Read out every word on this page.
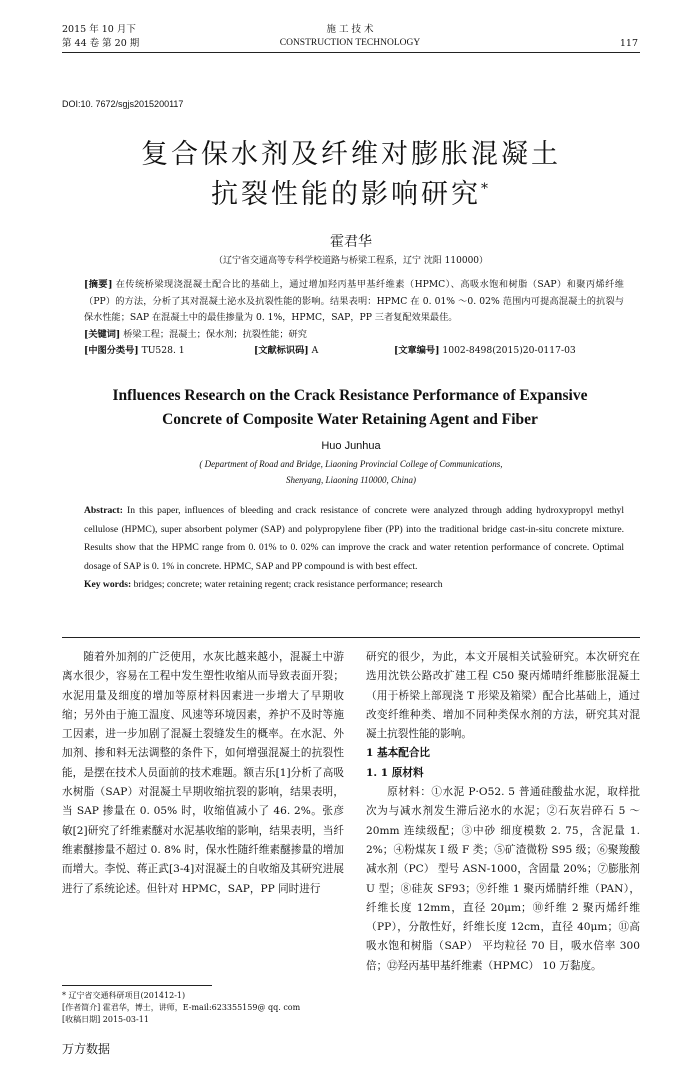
2015 年 10 月下
第 44 卷 第 20 期
施 工 技 术
CONSTRUCTION TECHNOLOGY	117
DOI:10. 7672/sgjs2015200117
复合保水剂及纤维对膨胀混凝土
抗裂性能的影响研究*
霍君华
（辽宁省交通高等专科学校道路与桥梁工程系，辽宁 沈阳 110000）
[摘要] 在传统桥梁现浇混凝土配合比的基础上，通过增加羟丙基甲基纤维素（HPMC）、高吸水饱和树脂（SAP）和聚丙烯纤维（PP）的方法，分析了其对混凝土泌水及抗裂性能的影响。结果表明：HPMC 在 0. 01% ～0. 02% 范围内可提高混凝土的抗裂与保水性能；SAP 在混凝土中的最佳掺量为 0. 1%，HPMC，SAP，PP 三者复配效果最佳。
[关键词] 桥梁工程；混凝土；保水剂；抗裂性能；研究
[中图分类号] TU528. 1	[文献标识码] A	[文章编号] 1002-8498(2015)20-0117-03
Influences Research on the Crack Resistance Performance of Expansive
Concrete of Composite Water Retaining Agent and Fiber
Huo Junhua
( Department of Road and Bridge, Liaoning Provincial College of Communications,
Shenyang, Liaoning 110000, China)
Abstract: In this paper, influences of bleeding and crack resistance of concrete were analyzed through adding hydroxypropyl methyl cellulose (HPMC), super absorbent polymer (SAP) and polypropylene fiber (PP) into the traditional bridge cast-in-situ concrete mixture. Results show that the HPMC range from 0. 01% to 0. 02% can improve the crack and water retention performance of concrete. Optimal dosage of SAP is 0. 1% in concrete. HPMC, SAP and PP compound is with best effect.
Key words: bridges; concrete; water retaining regent; crack resistance performance; research

随着外加剂的广泛使用，水灰比越来越小，混凝土中游离水很少，容易在工程中发生塑性收缩从而导致表面开裂；水泥用量及细度的增加等原材料因素进一步增大了早期收缩；另外由于施工温度、风速等环境因素，养护不及时等施工因素，进一步加剧了混凝土裂缝发生的概率。在水泥、外加剂、掺和料无法调整的条件下，如何增强混凝土的抗裂性能，是摆在技术人员面前的技术难题。额吉乐[1]分析了高吸水树脂（SAP）对混凝土早期收缩抗裂的影响，结果表明，当 SAP 掺量在 0. 05% 时，收缩值减小了 46. 2%。张彦敏[2]研究了纤维素醚对水泥基收缩的影响，结果表明，当纤维素醚掺量不超过 0. 8% 时，保水性随纤维素醚掺量的增加而增大。李悦、蒋正武[3-4]对混凝土的自收缩及其研究进展进行了系统论述。但针对 HPMC，SAP，PP 同时进行

研究的很少，为此，本文开展相关试验研究。本次研究在选用沈铁公路改扩建工程 C50 聚丙烯晴纤维膨胀混凝土（用于桥梁上部现浇 T 形梁及箱梁）配合比基础上，通过改变纤维种类、增加不同种类保水剂的方法，研究其对混凝土抗裂性能的影响。

1 基本配合比
1. 1 原材料

原材料：①水泥 P·O52. 5 普通硅酸盐水泥，取样批次为与减水剂发生滞后泌水的水泥；②石灰岩碎石 5 ～20mm 连续级配；③中砂 细度模数 2. 75，含泥量 1. 2%；④粉煤灰 I 级 F 类；⑤矿渣微粉 S95 级；⑥聚羧酸减水剂（PC） 型号 ASN-1000，含固量 20%；⑦膨胀剂 U 型；⑧硅灰 SF93；⑨纤维 1 聚丙烯腈纤维（PAN），纤维长度 12mm，直径 20μm；⑩纤维 2 聚丙烯纤维（PP），分散性好，纤维长度 12cm，直径 40μm；⑪高吸水饱和树脂（SAP） 平均粒径 70 目，吸水倍率 300 倍；⑫羟丙基甲基纤维素（HPMC） 10 万黏度。

* 辽宁省交通科研项目(201412-1)
[作者简介] 霍君华，博士，讲师，E-mail:623355159@ qq. com
[收稿日期] 2015-03-11
万方数据
